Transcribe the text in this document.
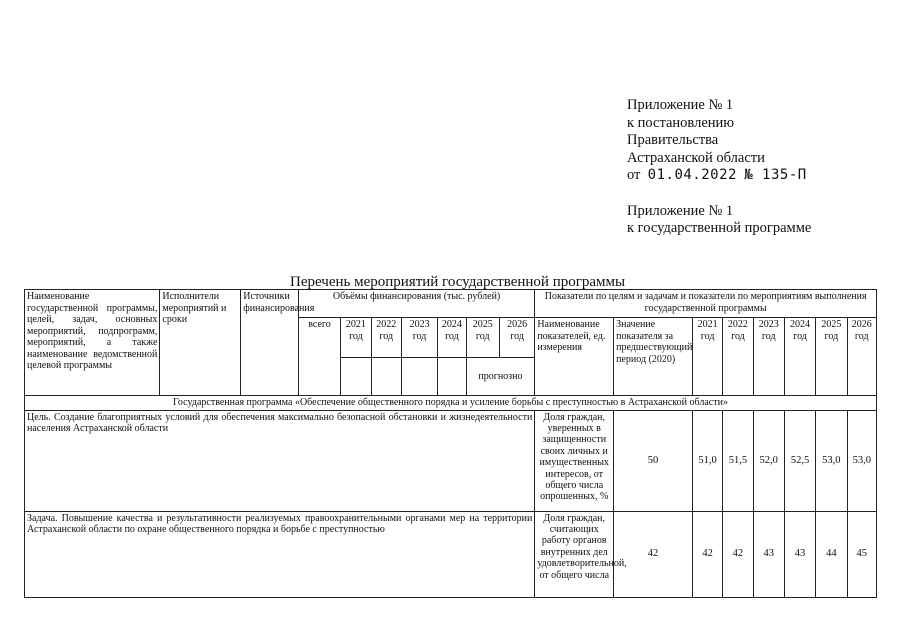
Приложение № 1
к постановлению
Правительства
Астраханской области
от 01.04.2022 № 135-П
Приложение № 1
к государственной программе
Перечень мероприятий государственной программы
Наименование государственной программы, целей, задач, основных мероприятий, подпрограмм, мероприятий, а также наименование ведомственной целевой программы	Исполнители мероприятий и сроки	Источники финансирования	Объёмы финансирования (тыс. рублей)							Показатели по целям и задачам и показатели по мероприятиям выполнения государственной программы							
			всего	2021 год	2022 год	2023 год	2024 год	2025 год	2026 год	Наименование показателей, ед. измерения	Значение показателя за предшествующий период (2020)	2021 год	2022 год	2023 год	2024 год	2025 год	2026 год
								прогнозно									
Государственная программа «Обеспечение общественного порядка и усиление борьбы с преступностью в Астраханской области»																	
Цель. Создание благоприятных условий для обеспечения максимально безопасной обстановки и жизнедеятельности населения Астраханской области										Доля граждан, уверенных в защищенности своих личных и имущественных интересов, от общего числа опрошенных, %	50	51,0	51,5	52,0	52,5	53,0	53,0
Задача. Повышение качества и результативности реализуемых правоохранительными органами мер на территории Астраханской области по охране общественного порядка и борьбе с преступностью										Доля граждан, считающих работу органов внутренних дел удовлетворительной, от общего числа	42	42	42	43	43	44	45
